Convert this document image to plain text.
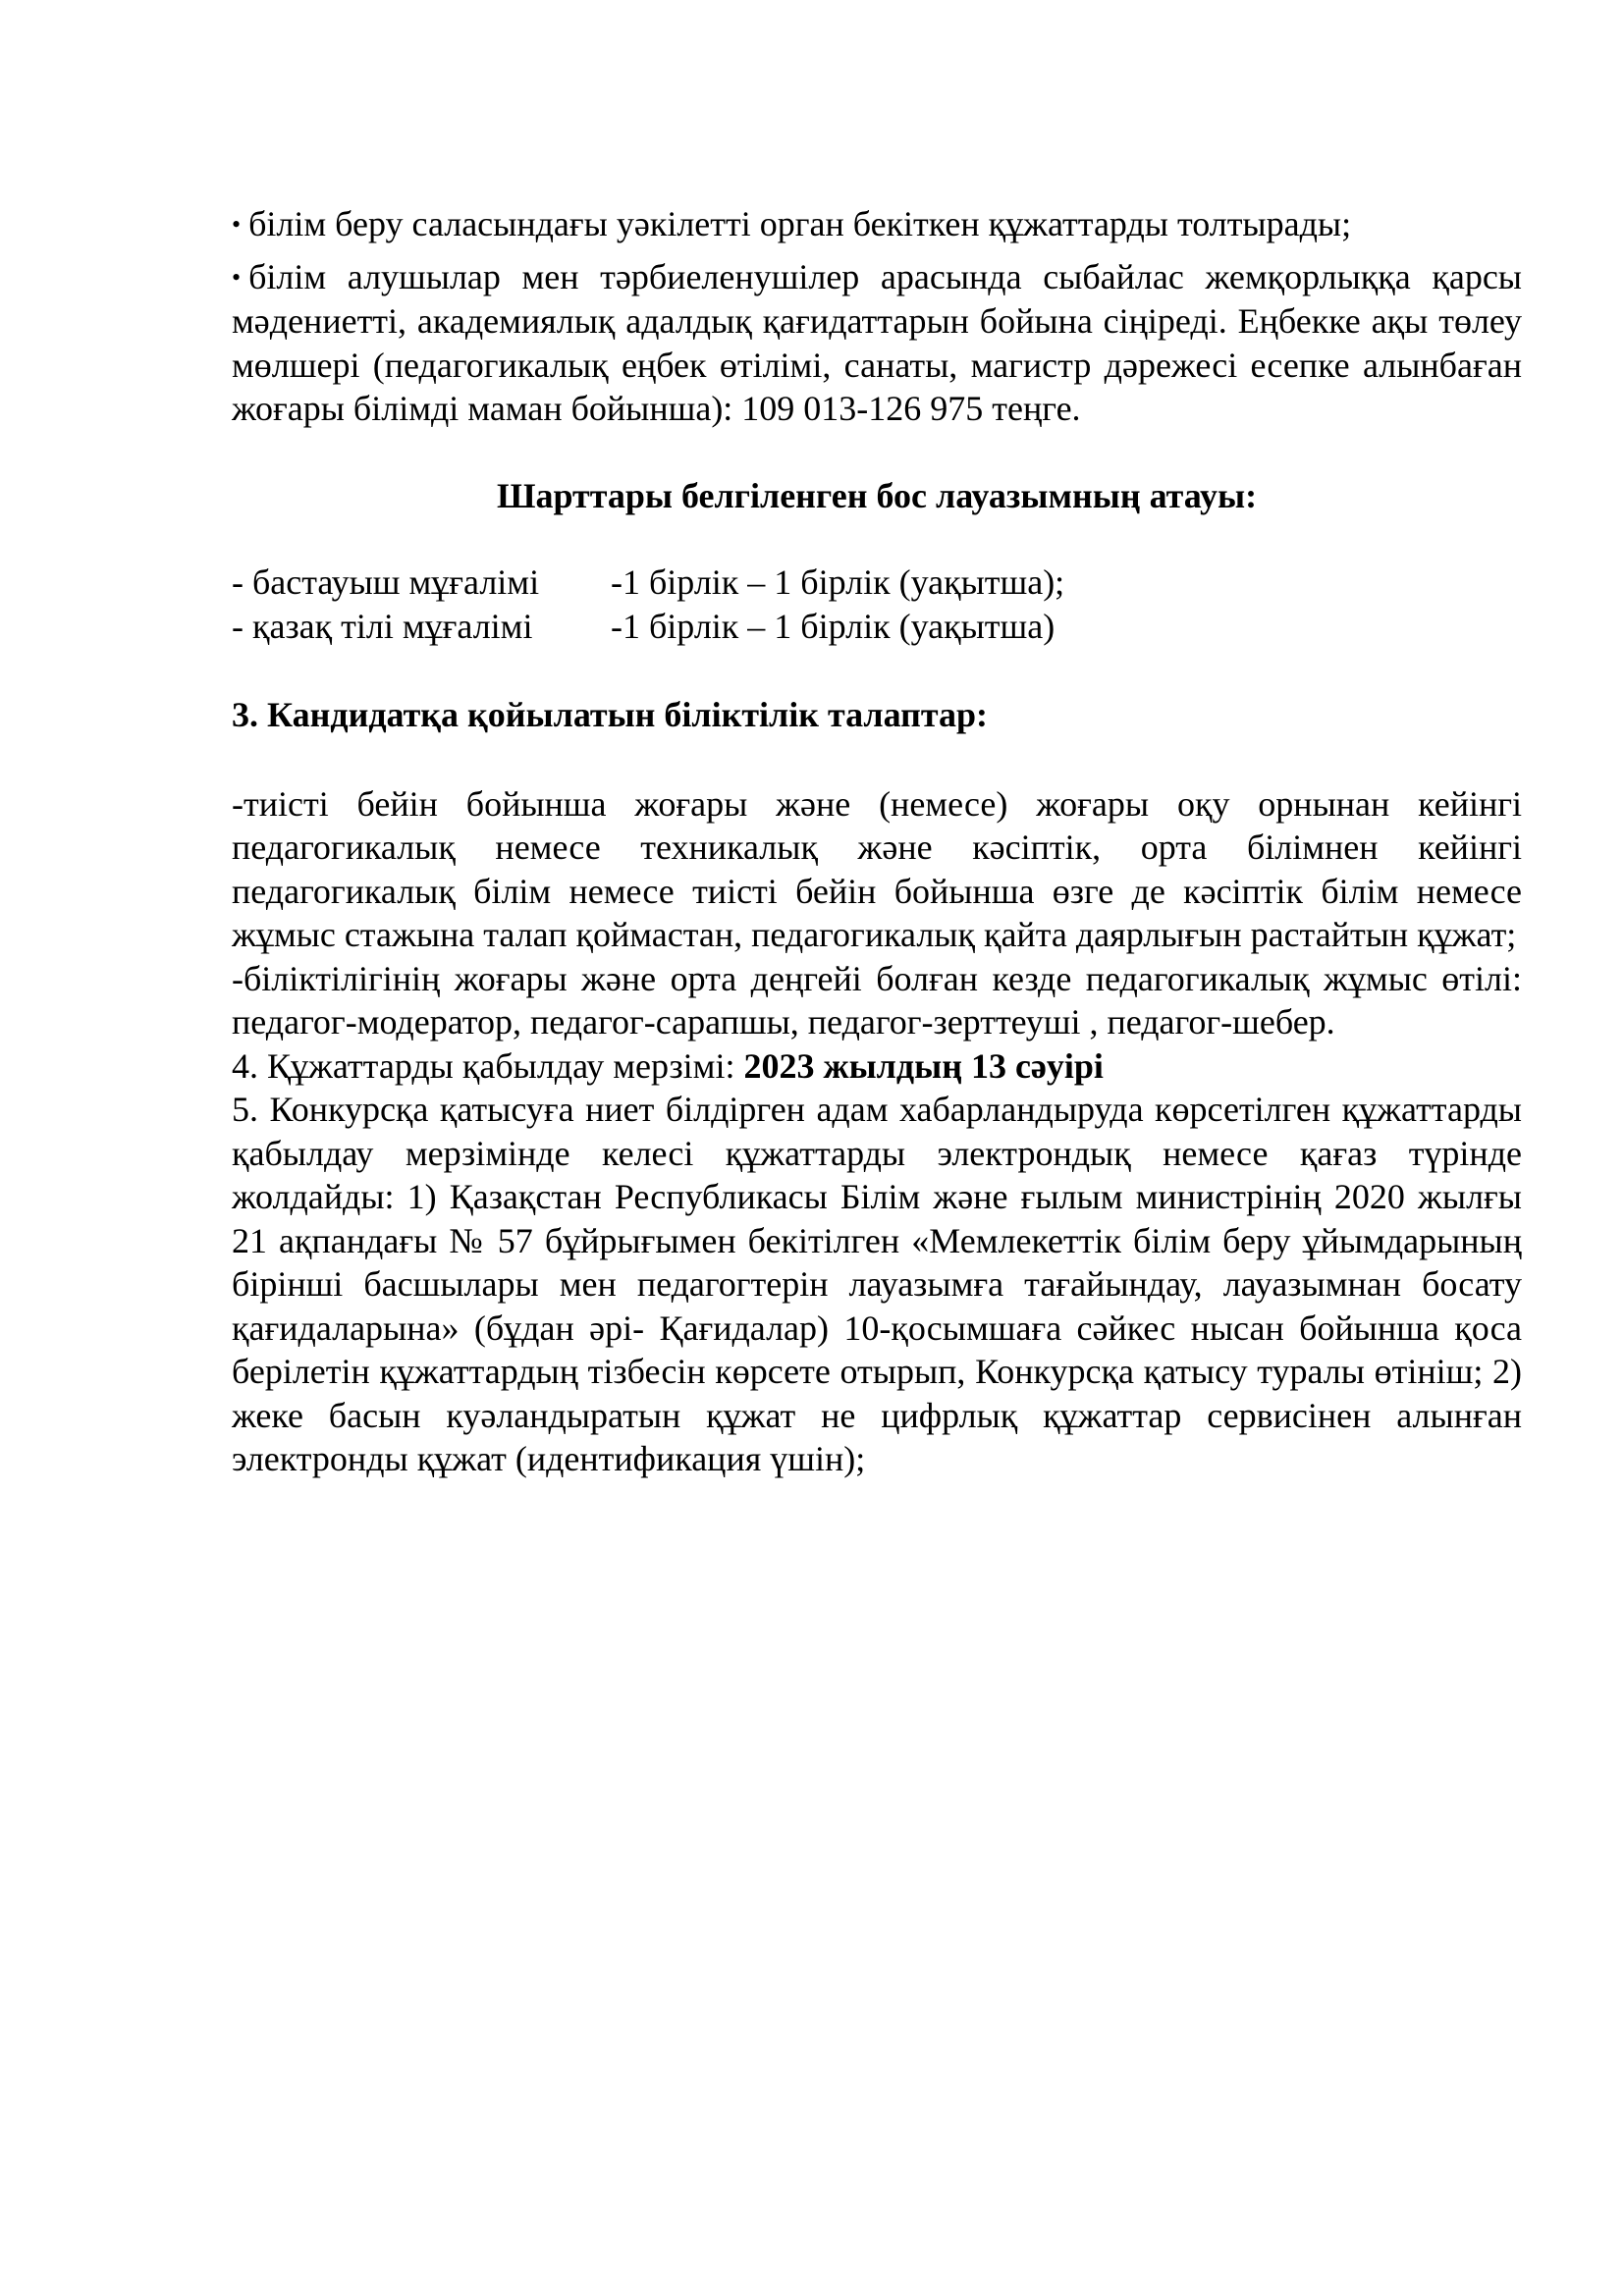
• білім беру саласындағы уәкілетті орган бекіткен құжаттарды толтырады;

• білім алушылар мен тәрбиеленушілер арасында сыбайлас жемқорлыққа қарсы мәдениетті, академиялық адалдық қағидаттарын бойына сіңіреді. Еңбекке ақы төлеу мөлшері (педагогикалық еңбек өтілімі, санаты, магистр дәрежесі есепке алынбаған жоғары білімді маман бойынша): 109 013-126 975 теңге.

Шарттары белгіленген бос лауазымның атауы:

- бастауыш мұғалімі	-1 бірлік – 1 бірлік (уақытша);
- қазақ тілі мұғалімі	-1 бірлік – 1 бірлік (уақытша)

3. Кандидатқа қойылатын біліктілік талаптар:

-тиісті бейін бойынша жоғары және (немесе) жоғары оқу орнынан кейінгі педагогикалық немесе техникалық және кәсіптік, орта білімнен кейінгі педагогикалық білім немесе тиісті бейін бойынша өзге де кәсіптік білім немесе жұмыс стажына талап қоймастан, педагогикалық қайта даярлығын растайтын құжат;

-біліктілігінің жоғары және орта деңгейі болған кезде педагогикалық жұмыс өтілі: педагог-модератор, педагог-сарапшы, педагог-зерттеуші , педагог-шебер.

4. Құжаттарды қабылдау мерзімі: 2023 жылдың 13 сәуірі

5. Конкурсқа қатысуға ниет білдірген адам хабарландыруда көрсетілген құжаттарды қабылдау мерзімінде келесі құжаттарды электрондық немесе қағаз түрінде жолдайды: 1) Қазақстан Республикасы Білім және ғылым министрінің 2020 жылғы 21 ақпандағы № 57 бұйрығымен бекітілген «Мемлекеттік білім беру ұйымдарының бірінші басшылары мен педагогтерін лауазымға тағайындау, лауазымнан босату қағидаларына» (бұдан әрі- Қағидалар) 10-қосымшаға сәйкес нысан бойынша қоса берілетін құжаттардың тізбесін көрсете отырып, Конкурсқа қатысу туралы өтініш; 2) жеке басын куәландыратын құжат не цифрлық құжаттар сервисінен алынған электронды құжат (идентификация үшін);
